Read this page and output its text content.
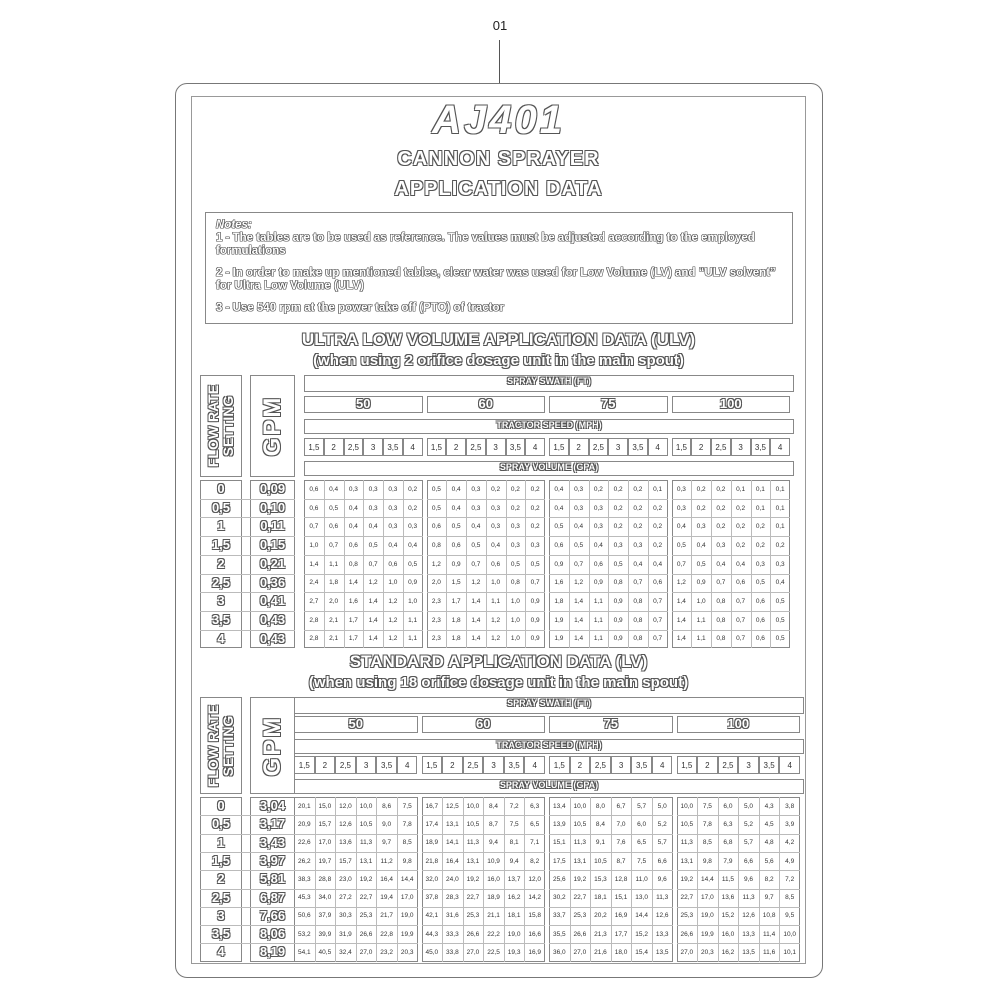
01
AJ401
CANNON SPRAYER
APPLICATION DATA
Notes:
1 - The tables are to be used as reference. The values must be adjusted according to the employed formulations
2 - In order to make up mentioned tables, clear water was used for Low Volume (LV) and “ULV solvent” for Ultra Low Volume (ULV)
3 - Use 540 rpm at the power take off (PTO) of tractor
ULTRA LOW VOLUME APPLICATION DATA (ULV)
(when using 2 orifice dosage unit in the main spout)
FLOW RATE SETTING GPM
SPRAY SWATH (FT)
50	60	75	100
TRACTOR SPEED (MPH)
1,5	2	2,5	3	3,5	4	1,5	2	2,5	3	3,5	4	1,5	2	2,5	3	3,5	4	1,5	2	2,5	3	3,5	4
SPRAY VOLUME (GPA)
0	0,09	0,6	0,4	0,3	0,3	0,3	0,2	0,5	0,4	0,3	0,2	0,2	0,2	0,4	0,3	0,2	0,2	0,2	0,1	0,3	0,2	0,2	0,1	0,1	0,1
0,5	0,10	0,6	0,5	0,4	0,3	0,3	0,2	0,5	0,4	0,3	0,3	0,2	0,2	0,4	0,3	0,3	0,2	0,2	0,2	0,3	0,2	0,2	0,2	0,1	0,1
1	0,11	0,7	0,6	0,4	0,4	0,3	0,3	0,6	0,5	0,4	0,3	0,3	0,2	0,5	0,4	0,3	0,2	0,2	0,2	0,4	0,3	0,2	0,2	0,2	0,1
1,5	0,15	1,0	0,7	0,6	0,5	0,4	0,4	0,8	0,6	0,5	0,4	0,3	0,3	0,6	0,5	0,4	0,3	0,3	0,2	0,5	0,4	0,3	0,2	0,2	0,2
2	0,21	1,4	1,1	0,8	0,7	0,6	0,5	1,2	0,9	0,7	0,6	0,5	0,5	0,9	0,7	0,6	0,5	0,4	0,4	0,7	0,5	0,4	0,4	0,3	0,3
2,5	0,36	2,4	1,8	1,4	1,2	1,0	0,9	2,0	1,5	1,2	1,0	0,8	0,7	1,6	1,2	0,9	0,8	0,7	0,6	1,2	0,9	0,7	0,6	0,5	0,4
3	0,41	2,7	2,0	1,6	1,4	1,2	1,0	2,3	1,7	1,4	1,1	1,0	0,9	1,8	1,4	1,1	0,9	0,8	0,7	1,4	1,0	0,8	0,7	0,6	0,5
3,5	0,43	2,8	2,1	1,7	1,4	1,2	1,1	2,3	1,8	1,4	1,2	1,0	0,9	1,9	1,4	1,1	0,9	0,8	0,7	1,4	1,1	0,8	0,7	0,6	0,5
4	0,43	2,8	2,1	1,7	1,4	1,2	1,1	2,3	1,8	1,4	1,2	1,0	0,9	1,9	1,4	1,1	0,9	0,8	0,7	1,4	1,1	0,8	0,7	0,6	0,5
STANDARD APPLICATION DATA (LV)
(when using 18 orifice dosage unit in the main spout)
FLOW RATE SETTING GPM
SPRAY SWATH (FT)
50	60	75	100
TRACTOR SPEED (MPH)
1,5	2	2,5	3	3,5	4	1,5	2	2,5	3	3,5	4	1,5	2	2,5	3	3,5	4	1,5	2	2,5	3	3,5	4
SPRAY VOLUME (GPA)
0	3,04	20,1	15,0	12,0	10,0	8,6	7,5	16,7	12,5	10,0	8,4	7,2	6,3	13,4	10,0	8,0	6,7	5,7	5,0	10,0	7,5	6,0	5,0	4,3	3,8
0,5	3,17	20,9	15,7	12,6	10,5	9,0	7,8	17,4	13,1	10,5	8,7	7,5	6,5	13,9	10,5	8,4	7,0	6,0	5,2	10,5	7,8	6,3	5,2	4,5	3,9
1	3,43	22,6	17,0	13,6	11,3	9,7	8,5	18,9	14,1	11,3	9,4	8,1	7,1	15,1	11,3	9,1	7,6	6,5	5,7	11,3	8,5	6,8	5,7	4,8	4,2
1,5	3,97	26,2	19,7	15,7	13,1	11,2	9,8	21,8	16,4	13,1	10,9	9,4	8,2	17,5	13,1	10,5	8,7	7,5	6,6	13,1	9,8	7,9	6,6	5,6	4,9
2	5,81	38,3	28,8	23,0	19,2	16,4	14,4	32,0	24,0	19,2	16,0	13,7	12,0	25,6	19,2	15,3	12,8	11,0	9,6	19,2	14,4	11,5	9,6	8,2	7,2
2,5	6,87	45,3	34,0	27,2	22,7	19,4	17,0	37,8	28,3	22,7	18,9	16,2	14,2	30,2	22,7	18,1	15,1	13,0	11,3	22,7	17,0	13,6	11,3	9,7	8,5
3	7,66	50,6	37,9	30,3	25,3	21,7	19,0	42,1	31,6	25,3	21,1	18,1	15,8	33,7	25,3	20,2	16,9	14,4	12,6	25,3	19,0	15,2	12,6	10,8	9,5
3,5	8,06	53,2	39,9	31,9	26,6	22,8	19,9	44,3	33,3	26,6	22,2	19,0	16,6	35,5	26,6	21,3	17,7	15,2	13,3	26,6	19,9	16,0	13,3	11,4	10,0
4	8,19	54,1	40,5	32,4	27,0	23,2	20,3	45,0	33,8	27,0	22,5	19,3	16,9	36,0	27,0	21,6	18,0	15,4	13,5	27,0	20,3	16,2	13,5	11,6	10,1
